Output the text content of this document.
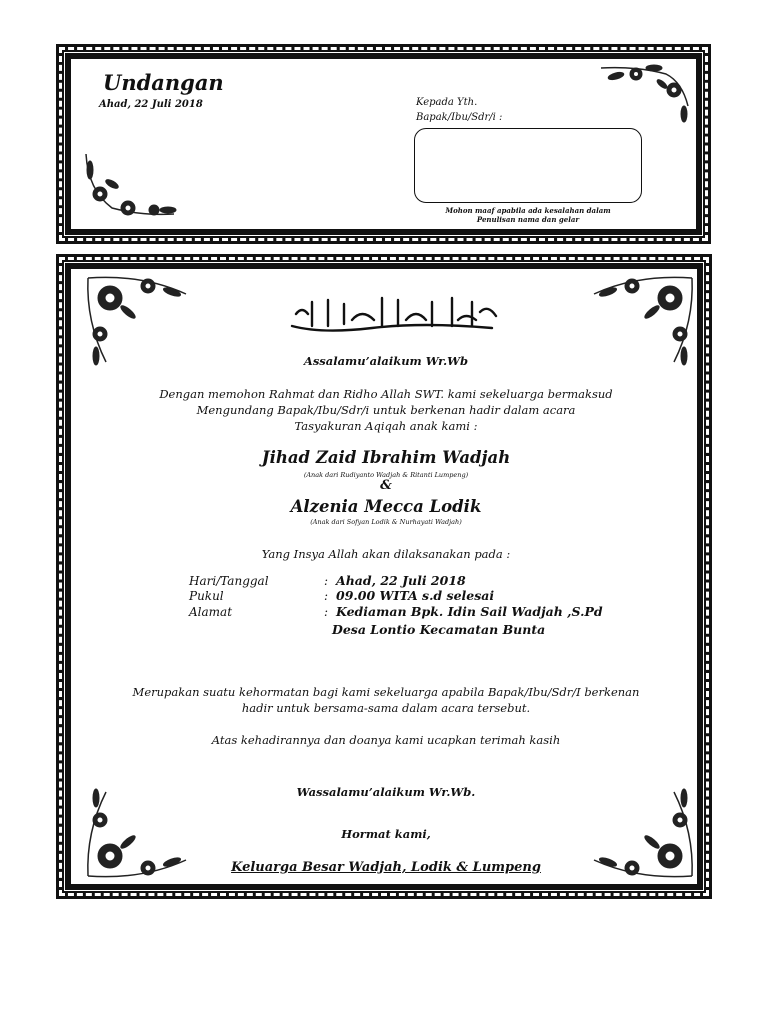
Undangan
Ahad, 22 Juli 2018	Kepada Yth.
Bapak/Ibu/Sdr/i :
Mohon maaf apabila ada kesalahan dalam
Penulisan nama dan gelar
Assalamu’alaikum Wr.Wb
Dengan memohon Rahmat dan Ridho Allah SWT. kami sekeluarga bermaksud
Mengundang Bapak/Ibu/Sdr/i untuk berkenan hadir dalam acara
Tasyakuran Aqiqah anak kami :
Jihad Zaid Ibrahim Wadjah
(Anak dari Rudiyanto Wadjah & Ritanti Lumpeng)
&
Alzenia Mecca Lodik
(Anak dari Sofyan Lodik & Nurhayati Wadjah)
Yang Insya Allah akan dilaksanakan pada :
Hari/Tanggal	: Ahad, 22 Juli 2018
Pukul	: 09.00 WITA s.d selesai
Alamat	: Kediaman Bpk. Idin Sail Wadjah ,S.Pd
Desa Lontio Kecamatan Bunta
Merupakan suatu kehormatan bagi kami sekeluarga apabila Bapak/Ibu/Sdr/I berkenan
hadir untuk bersama-sama dalam acara tersebut.
Atas kehadirannya dan doanya kami ucapkan terimah kasih
Wassalamu’alaikum Wr.Wb.
Hormat kami,
Keluarga Besar Wadjah, Lodik & Lumpeng
